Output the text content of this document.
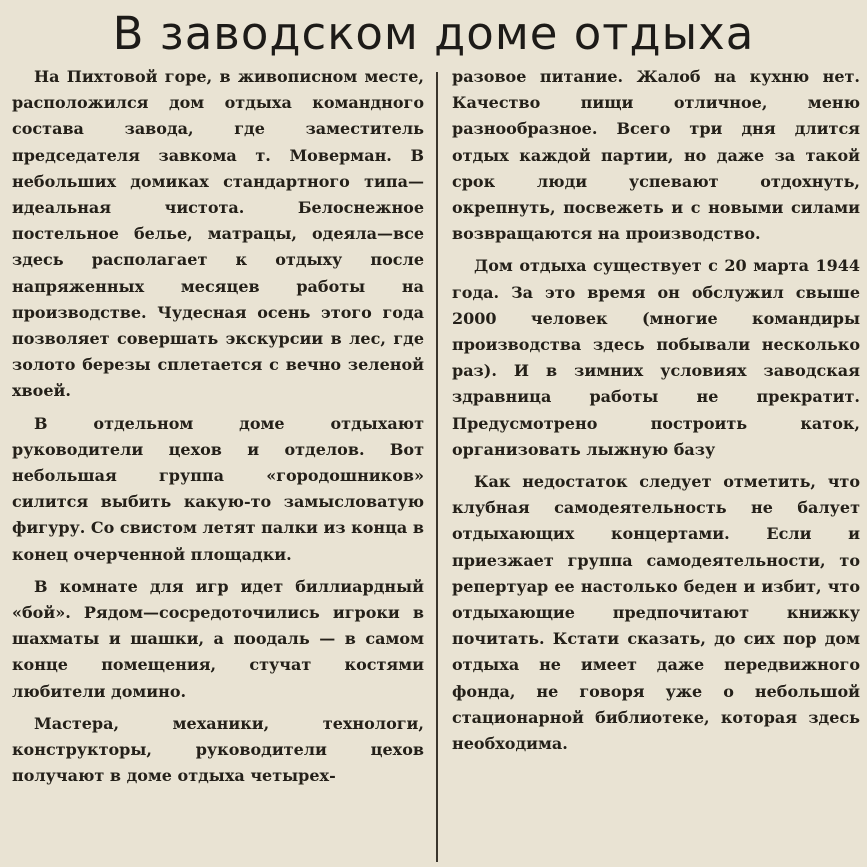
В заводском доме отдыха

На Пихтовой горе, в живописном месте, расположился дом отдыха командного состава завода, где заместитель председателя завкома т. Моверман. В небольших домиках стандартного типа—идеальная чистота. Белоснежное постельное белье, матрацы, одеяла—все здесь располагает к отдыху после напряженных месяцев работы на производстве. Чудесная осень этого года позволяет совершать экскурсии в лес, где золото березы сплетается с вечно зеленой хвоей.

В отдельном доме отдыхают руководители цехов и отделов. Вот небольшая группа «городошников» силится выбить какую-то замысловатую фигуру. Со свистом летят палки из конца в конец очерченной площадки.

В комнате для игр идет биллиардный «бой». Рядом—сосредоточились игроки в шахматы и шашки, а поодаль — в самом конце помещения, стучат костями любители домино.

Мастера, механики, технологи, конструкторы, руководители цехов получают в доме отдыха четырех-

разовое питание. Жалоб на кухню нет. Качество пищи отличное, меню разнообразное. Всего три дня длится отдых каждой партии, но даже за такой срок люди успевают отдохнуть, окрепнуть, посвежеть и с новыми силами возвращаются на производство.

Дом отдыха существует с 20 марта 1944 года. За это время он обслужил свыше 2000 человек (многие командиры производства здесь побывали несколько раз). И в зимних условиях заводская здравница работы не прекратит. Предусмотрено построить каток, организовать лыжную базу

Как недостаток следует отметить, что клубная самодеятельность не балует отдыхающих концертами. Если и приезжает группа самодеятельности, то репертуар ее настолько беден и избит, что отдыхающие предпочитают книжку почитать. Кстати сказать, до сих пор дом отдыха не имеет даже передвижного фонда, не говоря уже о небольшой стационарной библиотеке, которая здесь необходима.
